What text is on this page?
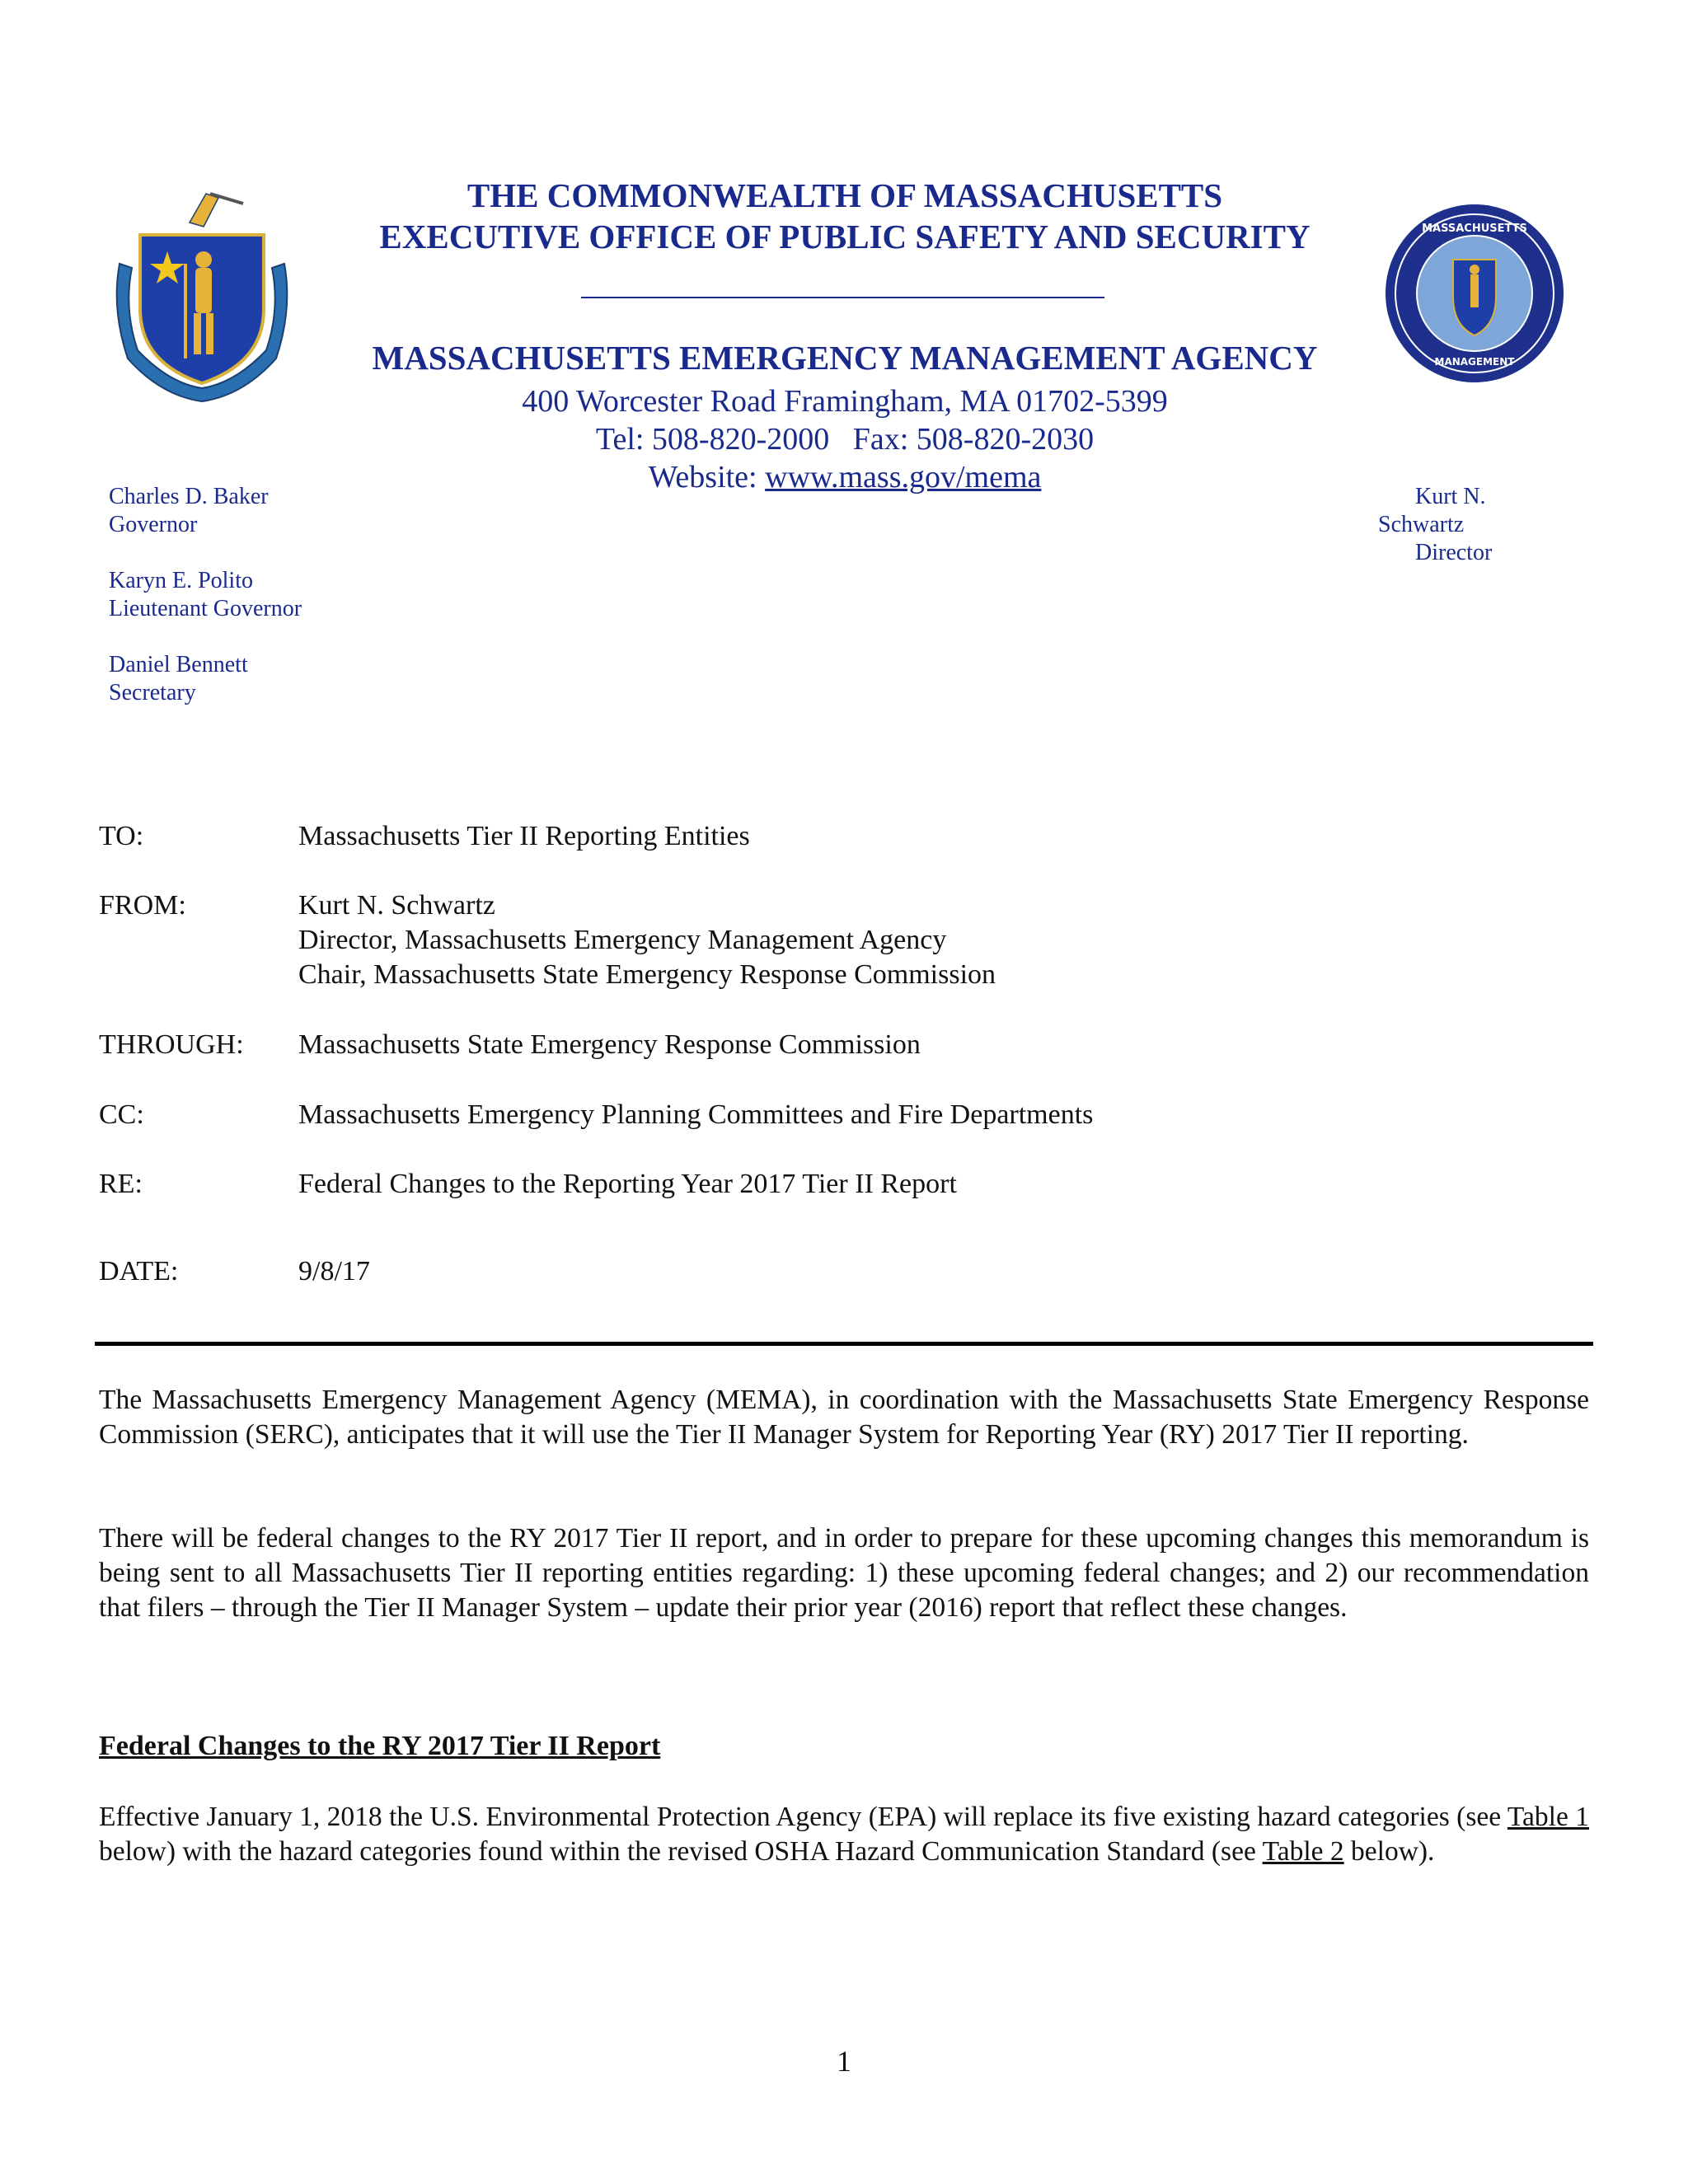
MASSACHUSETTS
MANAGEMENT
THE COMMONWEALTH OF MASSACHUSETTS
EXECUTIVE OFFICE OF PUBLIC SAFETY AND SECURITY
MASSACHUSETTS EMERGENCY MANAGEMENT AGENCY
400 Worcester Road Framingham, MA 01702-5399
Tel: 508-820-2000   Fax: 508-820-2030
Website: www.mass.gov/mema
Charles D. Baker
Governor
Karyn E. Polito
Lieutenant Governor
Daniel Bennett
Secretary
Kurt N.
Schwartz
Director
TO:	Massachusetts Tier II Reporting Entities
FROM:	Kurt N. Schwartz
Director, Massachusetts Emergency Management Agency
Chair, Massachusetts State Emergency Response Commission
THROUGH:	Massachusetts State Emergency Response Commission
CC:	Massachusetts Emergency Planning Committees and Fire Departments
RE:	Federal Changes to the Reporting Year 2017 Tier II Report
DATE:	9/8/17
The Massachusetts Emergency Management Agency (MEMA), in coordination with the Massachusetts State Emergency Response Commission (SERC), anticipates that it will use the Tier II Manager System for Reporting Year (RY) 2017 Tier II reporting.
There will be federal changes to the RY 2017 Tier II report, and in order to prepare for these upcoming changes this memorandum is being sent to all Massachusetts Tier II reporting entities regarding: 1) these upcoming federal changes; and 2) our recommendation that filers – through the Tier II Manager System – update their prior year (2016) report that reflect these changes.
Federal Changes to the RY 2017 Tier II Report
Effective January 1, 2018 the U.S. Environmental Protection Agency (EPA) will replace its five existing hazard categories (see Table 1 below) with the hazard categories found within the revised OSHA Hazard Communication Standard (see Table 2 below).
1
